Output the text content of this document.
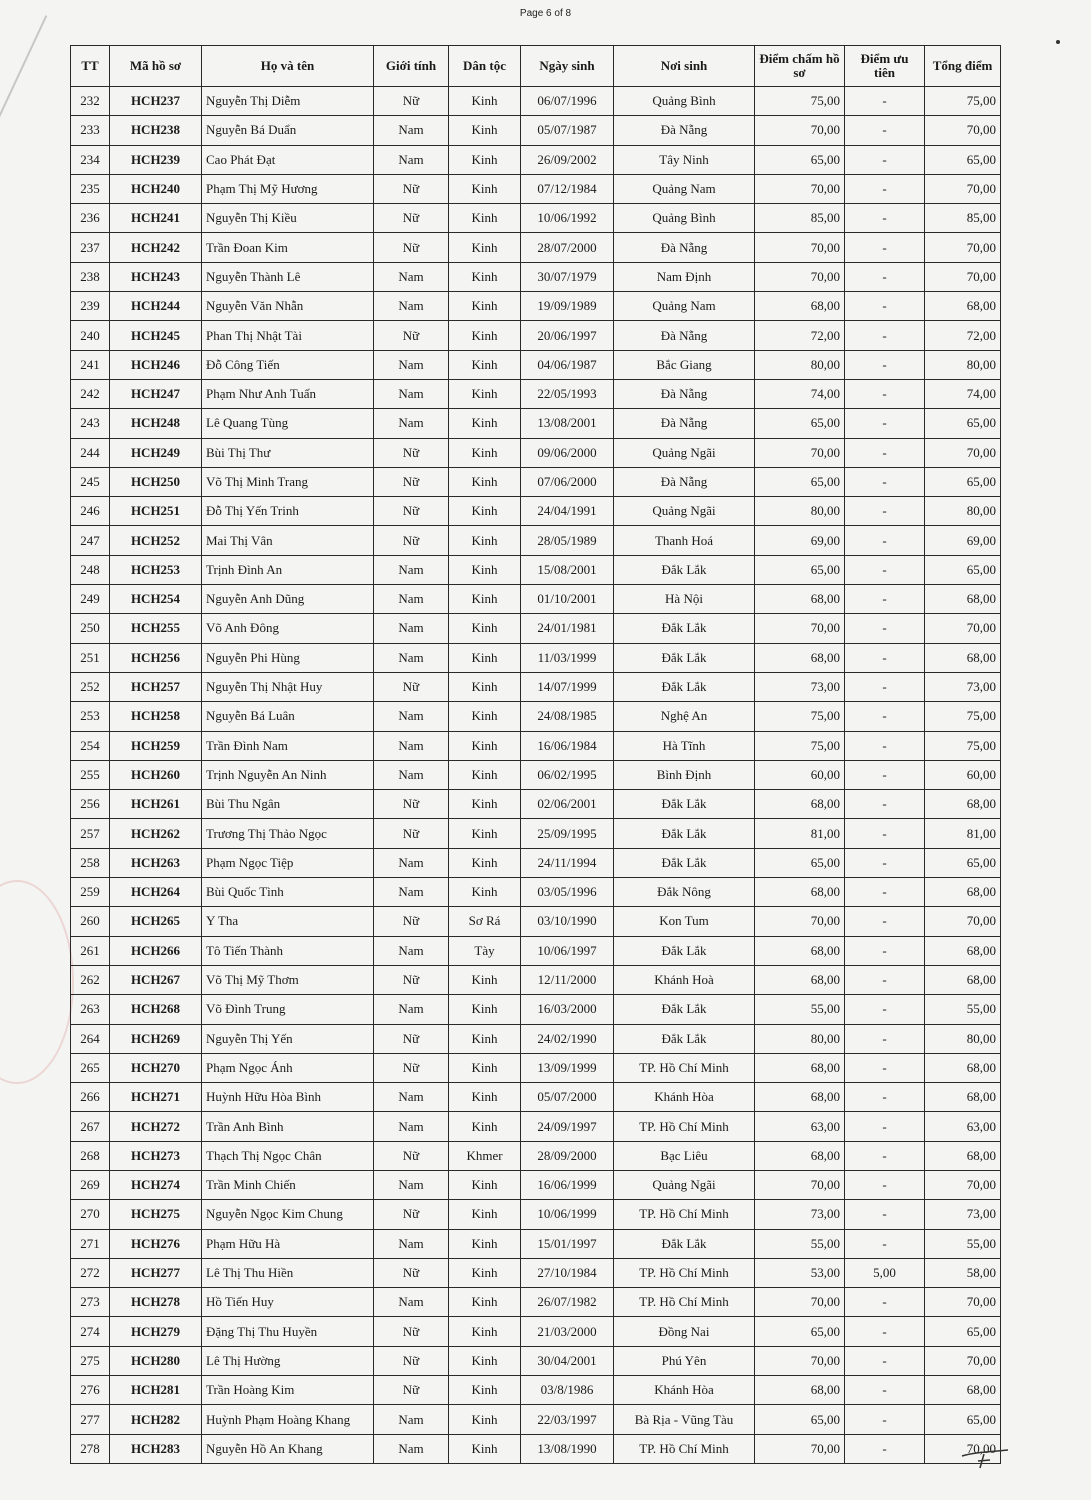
Page 6 of 8
TT	Mã hồ sơ	Họ và tên	Giới tính	Dân tộc	Ngày sinh	Nơi sinh	Điểm chấm hồ sơ	Điểm ưu tiên	Tổng điểm
232	HCH237	Nguyễn Thị Diễm	Nữ	Kinh	06/07/1996	Quảng Bình	75,00	-	75,00
233	HCH238	Nguyễn Bá Duẩn	Nam	Kinh	05/07/1987	Đà Nẵng	70,00	-	70,00
234	HCH239	Cao Phát Đạt	Nam	Kinh	26/09/2002	Tây Ninh	65,00	-	65,00
235	HCH240	Phạm Thị Mỹ Hương	Nữ	Kinh	07/12/1984	Quảng Nam	70,00	-	70,00
236	HCH241	Nguyễn Thị Kiều	Nữ	Kinh	10/06/1992	Quảng Bình	85,00	-	85,00
237	HCH242	Trần Đoan Kim	Nữ	Kinh	28/07/2000	Đà Nẵng	70,00	-	70,00
238	HCH243	Nguyễn Thành Lê	Nam	Kinh	30/07/1979	Nam Định	70,00	-	70,00
239	HCH244	Nguyễn Văn Nhẫn	Nam	Kinh	19/09/1989	Quảng Nam	68,00	-	68,00
240	HCH245	Phan Thị Nhật Tài	Nữ	Kinh	20/06/1997	Đà Nẵng	72,00	-	72,00
241	HCH246	Đỗ Công Tiến	Nam	Kinh	04/06/1987	Bắc Giang	80,00	-	80,00
242	HCH247	Phạm Như Anh Tuấn	Nam	Kinh	22/05/1993	Đà Nẵng	74,00	-	74,00
243	HCH248	Lê Quang Tùng	Nam	Kinh	13/08/2001	Đà Nẵng	65,00	-	65,00
244	HCH249	Bùi Thị Thư	Nữ	Kinh	09/06/2000	Quảng Ngãi	70,00	-	70,00
245	HCH250	Võ Thị Minh Trang	Nữ	Kinh	07/06/2000	Đà Nẵng	65,00	-	65,00
246	HCH251	Đỗ Thị Yến Trinh	Nữ	Kinh	24/04/1991	Quảng Ngãi	80,00	-	80,00
247	HCH252	Mai Thị Vân	Nữ	Kinh	28/05/1989	Thanh Hoá	69,00	-	69,00
248	HCH253	Trịnh Đình An	Nam	Kinh	15/08/2001	Đắk Lắk	65,00	-	65,00
249	HCH254	Nguyễn Anh Dũng	Nam	Kinh	01/10/2001	Hà Nội	68,00	-	68,00
250	HCH255	Võ Anh Đông	Nam	Kinh	24/01/1981	Đắk Lắk	70,00	-	70,00
251	HCH256	Nguyễn Phi Hùng	Nam	Kinh	11/03/1999	Đắk Lắk	68,00	-	68,00
252	HCH257	Nguyễn Thị Nhật Huy	Nữ	Kinh	14/07/1999	Đắk Lắk	73,00	-	73,00
253	HCH258	Nguyễn Bá Luân	Nam	Kinh	24/08/1985	Nghệ An	75,00	-	75,00
254	HCH259	Trần Đình Nam	Nam	Kinh	16/06/1984	Hà Tĩnh	75,00	-	75,00
255	HCH260	Trịnh Nguyễn An Ninh	Nam	Kinh	06/02/1995	Bình Định	60,00	-	60,00
256	HCH261	Bùi Thu Ngân	Nữ	Kinh	02/06/2001	Đắk Lắk	68,00	-	68,00
257	HCH262	Trương Thị Thảo Ngọc	Nữ	Kinh	25/09/1995	Đắk Lắk	81,00	-	81,00
258	HCH263	Phạm Ngọc Tiệp	Nam	Kinh	24/11/1994	Đắk Lắk	65,00	-	65,00
259	HCH264	Bùi Quốc Tình	Nam	Kinh	03/05/1996	Đắk Nông	68,00	-	68,00
260	HCH265	Y Tha	Nữ	Sơ Rá	03/10/1990	Kon Tum	70,00	-	70,00
261	HCH266	Tô Tiến Thành	Nam	Tày	10/06/1997	Đắk Lắk	68,00	-	68,00
262	HCH267	Võ Thị Mỹ Thơm	Nữ	Kinh	12/11/2000	Khánh Hoà	68,00	-	68,00
263	HCH268	Võ Đình Trung	Nam	Kinh	16/03/2000	Đắk Lắk	55,00	-	55,00
264	HCH269	Nguyễn Thị Yến	Nữ	Kinh	24/02/1990	Đắk Lắk	80,00	-	80,00
265	HCH270	Phạm Ngọc Ánh	Nữ	Kinh	13/09/1999	TP. Hồ Chí Minh	68,00	-	68,00
266	HCH271	Huỳnh Hữu Hòa Bình	Nam	Kinh	05/07/2000	Khánh Hòa	68,00	-	68,00
267	HCH272	Trần Anh Bình	Nam	Kinh	24/09/1997	TP. Hồ Chí Minh	63,00	-	63,00
268	HCH273	Thạch Thị Ngọc Chân	Nữ	Khmer	28/09/2000	Bạc Liêu	68,00	-	68,00
269	HCH274	Trần Minh Chiến	Nam	Kinh	16/06/1999	Quảng Ngãi	70,00	-	70,00
270	HCH275	Nguyễn Ngọc Kim Chung	Nữ	Kinh	10/06/1999	TP. Hồ Chí Minh	73,00	-	73,00
271	HCH276	Phạm Hữu Hà	Nam	Kinh	15/01/1997	Đắk Lắk	55,00	-	55,00
272	HCH277	Lê Thị Thu Hiền	Nữ	Kinh	27/10/1984	TP. Hồ Chí Minh	53,00	5,00	58,00
273	HCH278	Hồ Tiến Huy	Nam	Kinh	26/07/1982	TP. Hồ Chí Minh	70,00	-	70,00
274	HCH279	Đặng Thị Thu Huyền	Nữ	Kinh	21/03/2000	Đồng Nai	65,00	-	65,00
275	HCH280	Lê Thị Hường	Nữ	Kinh	30/04/2001	Phú Yên	70,00	-	70,00
276	HCH281	Trần Hoàng Kim	Nữ	Kinh	03/8/1986	Khánh Hòa	68,00	-	68,00
277	HCH282	Huỳnh Phạm Hoàng Khang	Nam	Kinh	22/03/1997	Bà Rịa - Vũng Tàu	65,00	-	65,00
278	HCH283	Nguyễn Hồ An Khang	Nam	Kinh	13/08/1990	TP. Hồ Chí Minh	70,00	-	70,00
